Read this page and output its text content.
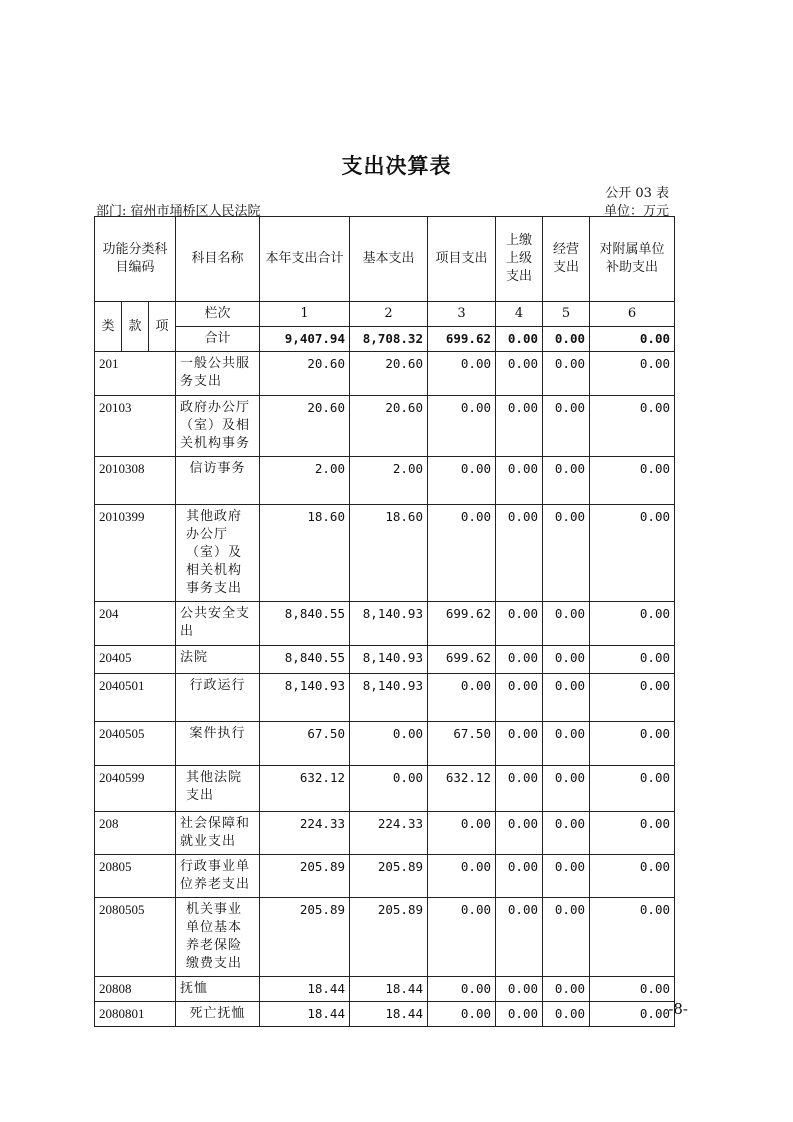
支出决算表
公开 03 表
部门: 宿州市埇桥区人民法院	单位：万元
功能分类科目编码			科目名称	本年支出合计	基本支出	项目支出	上缴上级支出	经营支出	对附属单位补助支出
类	款	项	栏次	1	2	3	4	5	6
			合计	9,407.94	8,708.32	699.62	0.00	0.00	0.00
201			一般公共服务支出	20.60	20.60	0.00	0.00	0.00	0.00
20103			政府办公厅（室）及相关机构事务	20.60	20.60	0.00	0.00	0.00	0.00
2010308			信访事务	2.00	2.00	0.00	0.00	0.00	0.00
2010399			其他政府办公厅（室）及相关机构事务支出	18.60	18.60	0.00	0.00	0.00	0.00
204			公共安全支出	8,840.55	8,140.93	699.62	0.00	0.00	0.00
20405			法院	8,840.55	8,140.93	699.62	0.00	0.00	0.00
2040501			行政运行	8,140.93	8,140.93	0.00	0.00	0.00	0.00
2040505			案件执行	67.50	0.00	67.50	0.00	0.00	0.00
2040599			其他法院支出	632.12	0.00	632.12	0.00	0.00	0.00
208			社会保障和就业支出	224.33	224.33	0.00	0.00	0.00	0.00
20805			行政事业单位养老支出	205.89	205.89	0.00	0.00	0.00	0.00
2080505			机关事业单位基本养老保险缴费支出	205.89	205.89	0.00	0.00	0.00	0.00
20808			抚恤	18.44	18.44	0.00	0.00	0.00	0.00
2080801			死亡抚恤	18.44	18.44	0.00	0.00	0.00	0.00
-8-
